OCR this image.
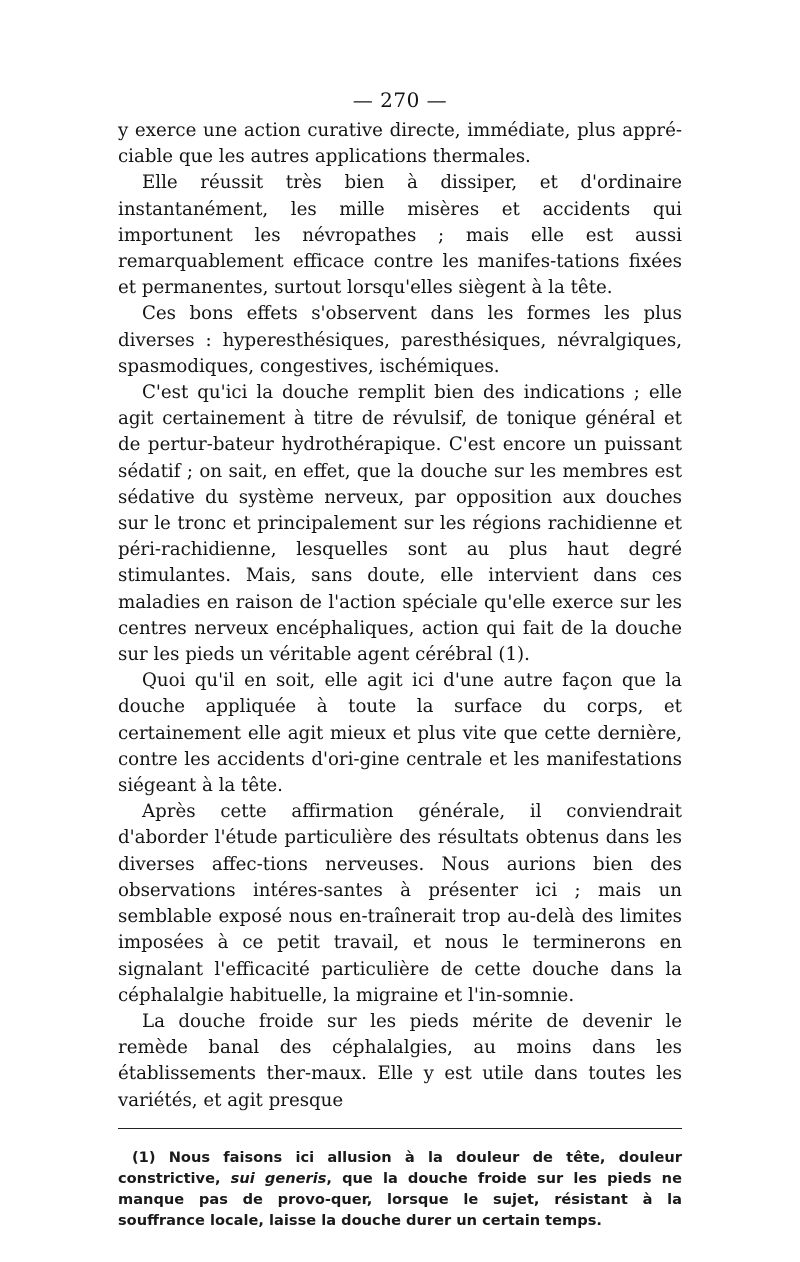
— 270 —

y exerce une action curative directe, immédiate, plus appré-ciable que les autres applications thermales.

Elle réussit très bien à dissiper, et d'ordinaire instantanément, les mille misères et accidents qui importunent les névropathes ; mais elle est aussi remarquablement efficace contre les manifes-tations fixées et permanentes, surtout lorsqu'elles siègent à la tête.

Ces bons effets s'observent dans les formes les plus diverses : hyperesthésiques, paresthésiques, névralgiques, spasmodiques, congestives, ischémiques.

C'est qu'ici la douche remplit bien des indications ; elle agit certainement à titre de révulsif, de tonique général et de pertur-bateur hydrothérapique. C'est encore un puissant sédatif ; on sait, en effet, que la douche sur les membres est sédative du système nerveux, par opposition aux douches sur le tronc et principalement sur les régions rachidienne et péri-rachidienne, lesquelles sont au plus haut degré stimulantes. Mais, sans doute, elle intervient dans ces maladies en raison de l'action spéciale qu'elle exerce sur les centres nerveux encéphaliques, action qui fait de la douche sur les pieds un véritable agent cérébral (1).

Quoi qu'il en soit, elle agit ici d'une autre façon que la douche appliquée à toute la surface du corps, et certainement elle agit mieux et plus vite que cette dernière, contre les accidents d'ori-gine centrale et les manifestations siégeant à la tête.

Après cette affirmation générale, il conviendrait d'aborder l'étude particulière des résultats obtenus dans les diverses affec-tions nerveuses. Nous aurions bien des observations intéres-santes à présenter ici ; mais un semblable exposé nous en-traînerait trop au-delà des limites imposées à ce petit travail, et nous le terminerons en signalant l'efficacité particulière de cette douche dans la céphalalgie habituelle, la migraine et l'in-somnie.

La douche froide sur les pieds mérite de devenir le remède banal des céphalalgies, au moins dans les établissements ther-maux. Elle y est utile dans toutes les variétés, et agit presque

(1) Nous faisons ici allusion à la douleur de tête, douleur constrictive, sui generis, que la douche froide sur les pieds ne manque pas de provo-quer, lorsque le sujet, résistant à la souffrance locale, laisse la douche durer un certain temps.
